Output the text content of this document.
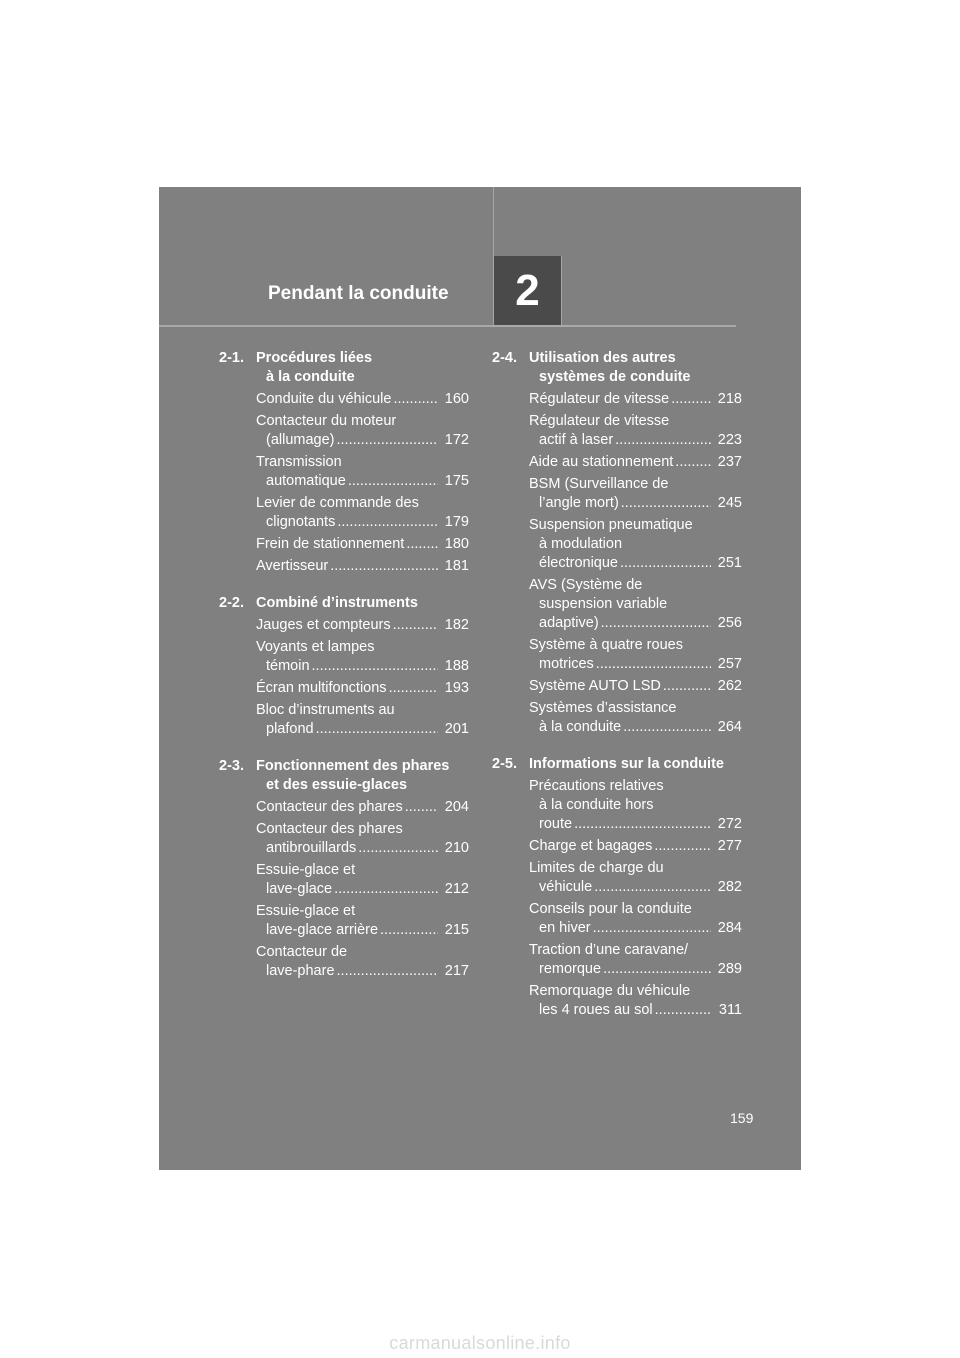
Pendant la conduite 2
2-1. Procédures liées
à la conduite
Conduite du véhicule .....	160
Contacteur du moteur
(allumage) .....	172
Transmission
automatique .....	175
Levier de commande des
clignotants .....	179
Frein de stationnement .....	180
Avertisseur .....	181
2-2. Combiné d’instruments
Jauges et compteurs .....	182
Voyants et lampes
témoin .....	188
Écran multifonctions .....	193
Bloc d’instruments au
plafond .....	201
2-3. Fonctionnement des phares
et des essuie-glaces
Contacteur des phares .....	204
Contacteur des phares
antibrouillards .....	210
Essuie-glace et
lave-glace .....	212
Essuie-glace et
lave-glace arrière .....	215
Contacteur de
lave-phare .....	217
2-4. Utilisation des autres
systèmes de conduite
Régulateur de vitesse .....	218
Régulateur de vitesse
actif à laser .....	223
Aide au stationnement .....	237
BSM (Surveillance de
l’angle mort) .....	245
Suspension pneumatique
à modulation
électronique .....	251
AVS (Système de
suspension variable
adaptive) .....	256
Système à quatre roues
motrices .....	257
Système AUTO LSD .....	262
Systèmes d’assistance
à la conduite .....	264
2-5. Informations sur la conduite
Précautions relatives
à la conduite hors
route .....	272
Charge et bagages .....	277
Limites de charge du
véhicule .....	282
Conseils pour la conduite
en hiver .....	284
Traction d’une caravane/
remorque .....	289
Remorquage du véhicule
les 4 roues au sol .....	311
159
carmanualsonline.info
